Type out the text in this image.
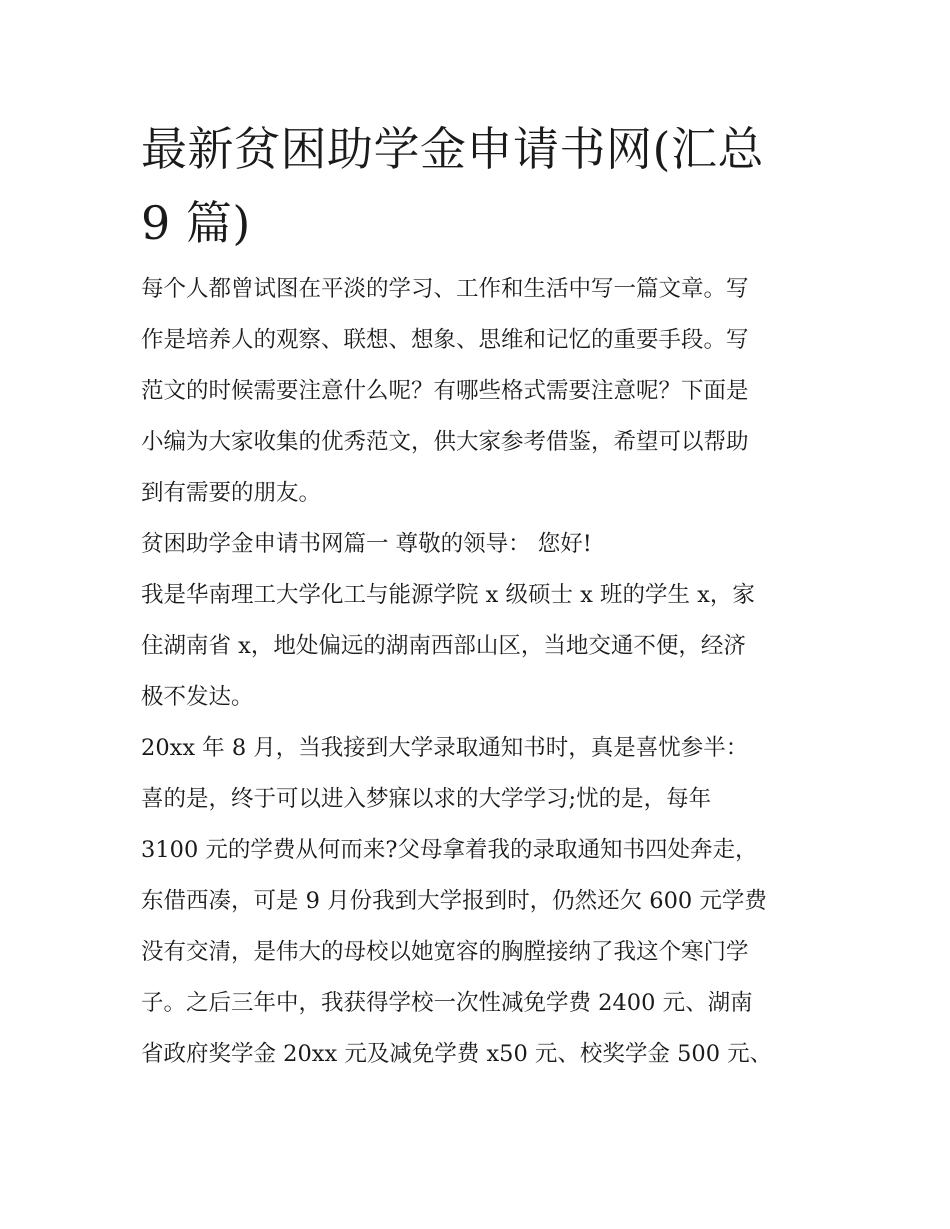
最新贫困助学金申请书网(汇总
9 篇)

每个人都曾试图在平淡的学习、工作和生活中写一篇文章。写
作是培养人的观察、联想、想象、思维和记忆的重要手段。写
范文的时候需要注意什么呢？有哪些格式需要注意呢？下面是
小编为大家收集的优秀范文，供大家参考借鉴，希望可以帮助
到有需要的朋友。

贫困助学金申请书网篇一 尊敬的领导： 您好!

我是华南理工大学化工与能源学院 x 级硕士 x 班的学生 x，家
住湖南省 x，地处偏远的湖南西部山区，当地交通不便，经济
极不发达。

20xx 年 8 月，当我接到大学录取通知书时，真是喜忧参半：
喜的是，终于可以进入梦寐以求的大学学习;忧的是，每年
3100 元的学费从何而来?父母拿着我的录取通知书四处奔走，
东借西凑，可是 9 月份我到大学报到时，仍然还欠 600 元学费
没有交清，是伟大的母校以她宽容的胸膛接纳了我这个寒门学
子。之后三年中，我获得学校一次性减免学费 2400 元、湖南
省政府奖学金 20xx 元及减免学费 x50 元、校奖学金 500 元、
